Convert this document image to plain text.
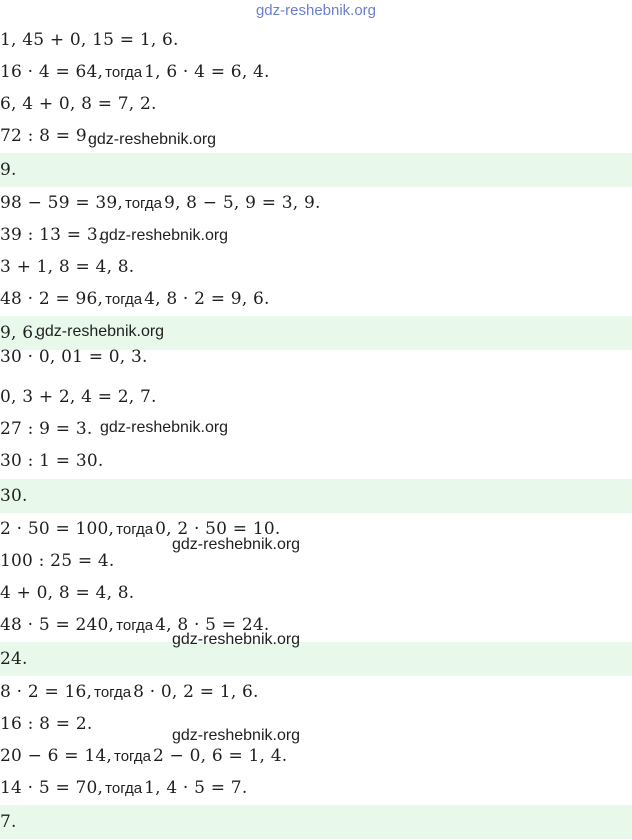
gdz-reshebnik.org
1, 45 + 0, 15 = 1, 6.
16 · 4 = 64, тогда 1, 6 · 4 = 6, 4.
6, 4 + 0, 8 = 7, 2.
72 : 8 = 9.
9.
98 − 59 = 39, тогда 9, 8 − 5, 9 = 3, 9.
39 : 13 = 3.
3 + 1, 8 = 4, 8.
48 · 2 = 96, тогда 4, 8 · 2 = 9, 6.
9, 6.
30 · 0, 01 = 0, 3.
0, 3 + 2, 4 = 2, 7.
27 : 9 = 3.
30 : 1 = 30.
30.
2 · 50 = 100, тогда 0, 2 · 50 = 10.
100 : 25 = 4.
4 + 0, 8 = 4, 8.
48 · 5 = 240, тогда 4, 8 · 5 = 24.
24.
8 · 2 = 16, тогда 8 · 0, 2 = 1, 6.
16 : 8 = 2.
20 − 6 = 14, тогда 2 − 0, 6 = 1, 4.
14 · 5 = 70, тогда 1, 4 · 5 = 7.
7.
gdz-reshebnik.org
gdz-reshebnik.org
gdz-reshebnik.org
gdz-reshebnik.org
gdz-reshebnik.org
gdz-reshebnik.org
gdz-reshebnik.org
